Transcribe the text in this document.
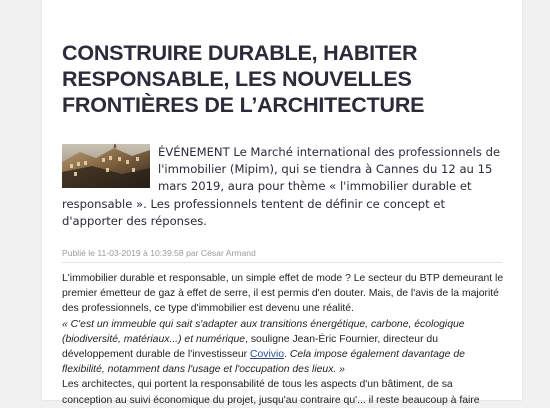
CONSTRUIRE DURABLE, HABITER RESPONSABLE, LES NOUVELLES FRONTIÈRES DE L’ARCHITECTURE

ÉVÉNEMENT Le Marché international des professionnels de l'immobilier (Mipim), qui se tiendra à Cannes du 12 au 15 mars 2019, aura pour thème « l'immobilier durable et responsable ». Les professionnels tentent de définir ce concept et d'apporter des réponses.

Publié le 11-03-2019 à 10:39:58 par César Armand

L'immobilier durable et responsable, un simple effet de mode ? Le secteur du BTP demeurant le premier émetteur de gaz à effet de serre, il est permis d'en douter. Mais, de l'avis de la majorité des professionnels, ce type d'immobilier est devenu une réalité.

« C'est un immeuble qui sait s'adapter aux transitions énergétique, carbone, écologique (biodiversité, matériaux...) et numérique, souligne Jean-Éric Fournier, directeur du développement durable de l'investisseur Covivio. Cela impose également davantage de flexibilité, notamment dans l'usage et l'occupation des lieux. »

Les architectes, qui portent la responsabilité de tous les aspects d'un bâtiment, de sa

conception au suivi économique du projet, jusqu'au contraire qu'... il reste beaucoup à faire
